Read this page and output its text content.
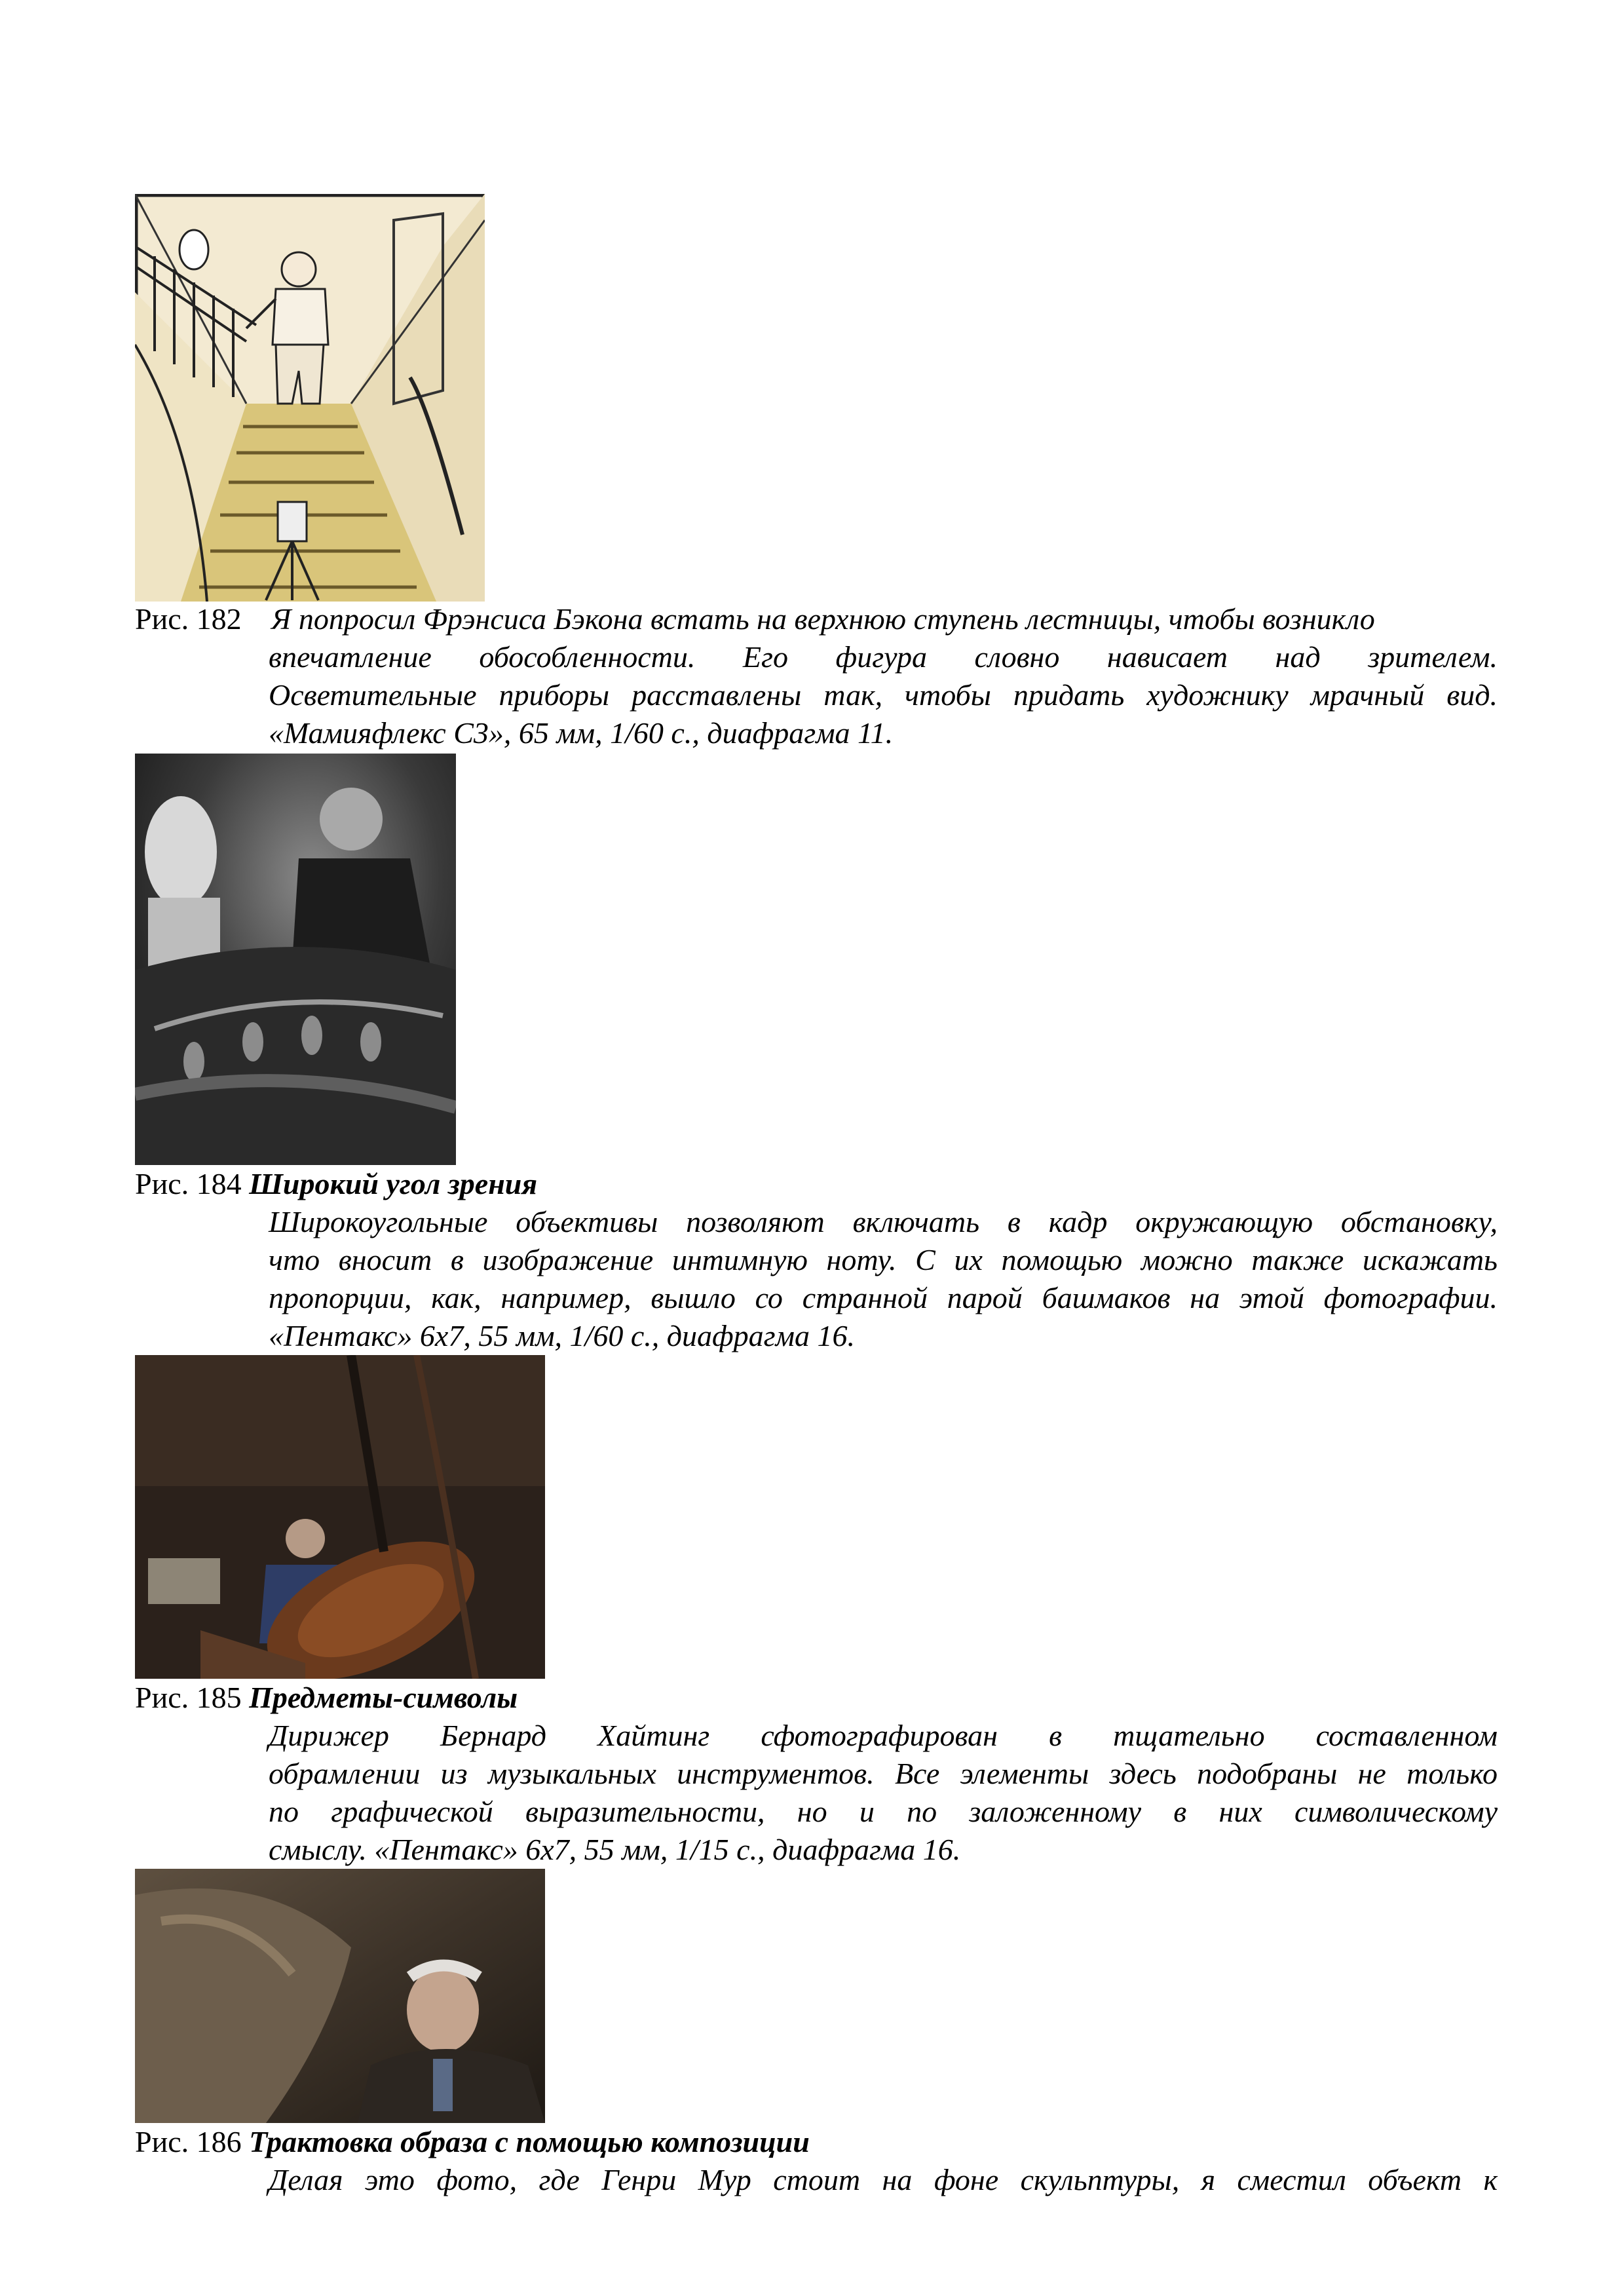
Рис. 182 Я попросил Фрэнсиса Бэкона встать на верхнюю ступень лестницы, чтобы возникло
впечатление обособленности. Его фигура словно нависает над зрителем.
Осветительные приборы расставлены так, чтобы придать художнику мрачный вид.
«Мамияфлекс С3», 65 мм, 1/60 с., диафрагма 11.
Рис. 184 Широкий угол зрения
Широкоугольные объективы позволяют включать в кадр окружающую обстановку,
что вносит в изображение интимную ноту. С их помощью можно также искажать
пропорции, как, например, вышло со странной парой башмаков на этой фотографии.
«Пентакс» 6х7, 55 мм, 1/60 с., диафрагма 16.
Рис. 185 Предметы-символы
Дирижер Бернард Хайтинг сфотографирован в тщательно составленном
обрамлении из музыкальных инструментов. Все элементы здесь подобраны не только
по графической выразительности, но и по заложенному в них символическому
смыслу. «Пентакс» 6х7, 55 мм, 1/15 с., диафрагма 16.
Рис. 186 Трактовка образа с помощью композиции
Делая это фото, где Генри Мур стоит на фоне скульптуры, я сместил объект к
